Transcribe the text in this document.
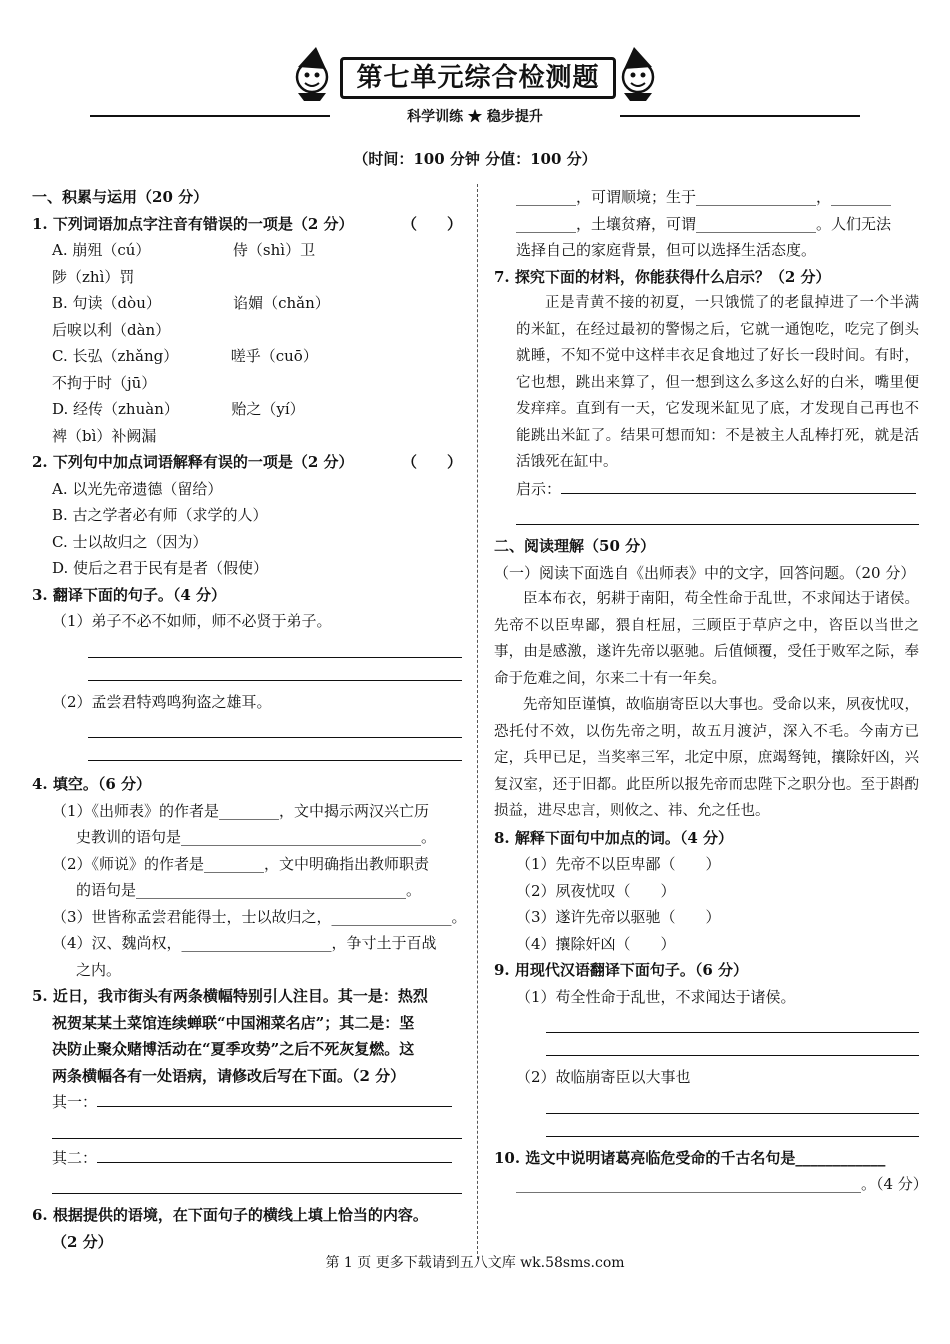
第七单元综合检测题
科学训练 ★ 稳步提升
（时间：100 分钟 分值：100 分）
一、积累与运用（20 分）
1. 下列词语加点字注音有错误的一项是（2 分）	（　　）
A. 崩殂（cú）　　　　　　侍（shì）卫
陟（zhì）罚
B. 句读（dòu）　　　　　 谄媚（chǎn）
后唳以利（dàn）
C. 长弘（zhǎng）　　　　嗟乎（cuō）
不拘于时（jū）
D. 经传（zhuàn）　　　　贻之（yí）
裨（bì）补阙漏
2. 下列句中加点词语解释有误的一项是（2 分）	（　　）
A. 以光先帝遗德（留给）
B. 古之学者必有师（求学的人）
C. 士以故归之（因为）
D. 使后之君于民有是者（假使）
3. 翻译下面的句子。（4 分）
（1）弟子不必不如师，师不必贤于弟子。
（2）孟尝君特鸡鸣狗盗之雄耳。
4. 填空。（6 分）
（1）《出师表》的作者是________，文中揭示两汉兴亡历
史教训的语句是________________________________。
（2）《师说》的作者是________，文中明确指出教师职责
的语句是____________________________________。
（3）世皆称孟尝君能得士，士以故归之，________________。
（4）汉、魏尚权，____________________，争寸土于百战
之内。
5. 近日，我市街头有两条横幅特别引人注目。其一是：热烈
祝贺某某土菜馆连续蝉联“中国湘菜名店”；其二是：坚
决防止聚众赌博活动在“夏季攻势”之后不死灰复燃。这
两条横幅各有一处语病，请修改后写在下面。（2 分）
其一：
其二：
6. 根据提供的语境，在下面句子的横线上填上恰当的内容。
（2 分）
________，可谓顺境；生于________________，________
________，土壤贫瘠，可谓________________。人们无法
选择自己的家庭背景，但可以选择生活态度。
7. 探究下面的材料，你能获得什么启示？（2 分）
正是青黄不接的初夏，一只饿慌了的老鼠掉进了一个半满的米缸，在经过最初的警惕之后，它就一通饱吃，吃完了倒头就睡，不知不觉中这样丰衣足食地过了好长一段时间。有时，它也想，跳出来算了，但一想到这么多这么好的白米，嘴里便发痒痒。直到有一天，它发现米缸见了底，才发现自己再也不能跳出米缸了。结果可想而知：不是被主人乱棒打死，就是活活饿死在缸中。
启示：
二、阅读理解（50 分）
（一）阅读下面选自《出师表》中的文字，回答问题。（20 分）
臣本布衣，躬耕于南阳，苟全性命于乱世，不求闻达于诸侯。先帝不以臣卑鄙，猥自枉屈，三顾臣于草庐之中，咨臣以当世之事，由是感激，遂许先帝以驱驰。后值倾覆，受任于败军之际，奉命于危难之间，尔来二十有一年矣。
先帝知臣谨慎，故临崩寄臣以大事也。受命以来，夙夜忧叹，恐托付不效，以伤先帝之明，故五月渡泸，深入不毛。今南方已定，兵甲已足，当奖率三军，北定中原，庶竭驽钝，攘除奸凶，兴复汉室，还于旧都。此臣所以报先帝而忠陛下之职分也。至于斟酌损益，进尽忠言，则攸之、祎、允之任也。
8. 解释下面句中加点的词。（4 分）
（1）先帝不以臣卑鄙（　　）
（2）夙夜忧叹（　　）
（3）遂许先帝以驱驰（　　）
（4）攘除奸凶（　　）
9. 用现代汉语翻译下面句子。（6 分）
（1）苟全性命于乱世，不求闻达于诸侯。
（2）故临崩寄臣以大事也
10. 选文中说明诸葛亮临危受命的千古名句是____________
______________________________________________。（4 分）
第 1 页 更多下载请到五八文库 wk.58sms.com
